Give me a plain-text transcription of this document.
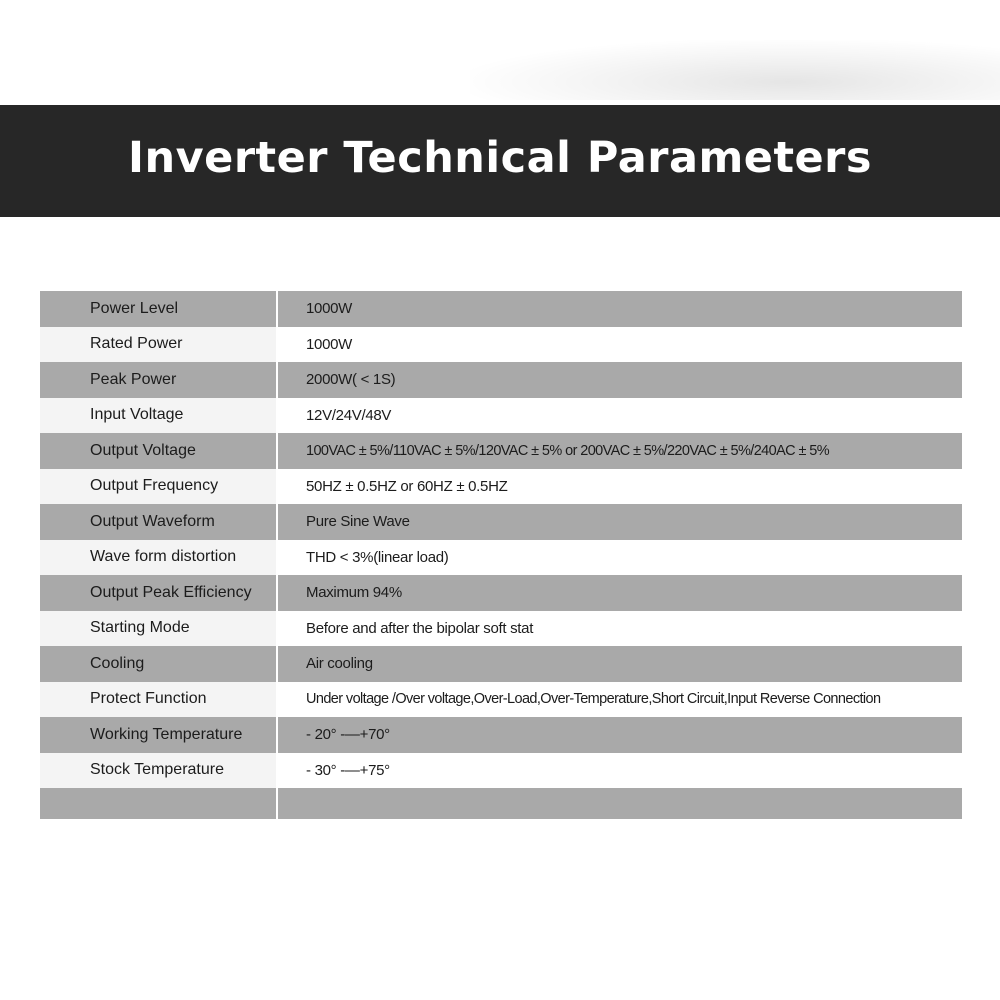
Inverter Technical Parameters
Power Level	1000W
Rated Power	1000W
Peak Power	2000W( < 1S)
Input Voltage	12V/24V/48V
Output Voltage	100VAC ± 5%/110VAC ± 5%/120VAC ± 5% or 200VAC ± 5%/220VAC ± 5%/240AC ± 5%
Output Frequency	50HZ ± 0.5HZ or 60HZ ± 0.5HZ
Output Waveform	Pure Sine Wave
Wave form distortion	THD < 3%(linear load)
Output Peak Efficiency	Maximum 94%
Starting Mode	Before and after the bipolar soft stat
Cooling	Air cooling
Protect Function	Under voltage /Over voltage,Over-Load,Over-Temperature,Short Circuit,Input Reverse Connection
Working Temperature	- 20° -—+70°
Stock Temperature	- 30° -—+75°
